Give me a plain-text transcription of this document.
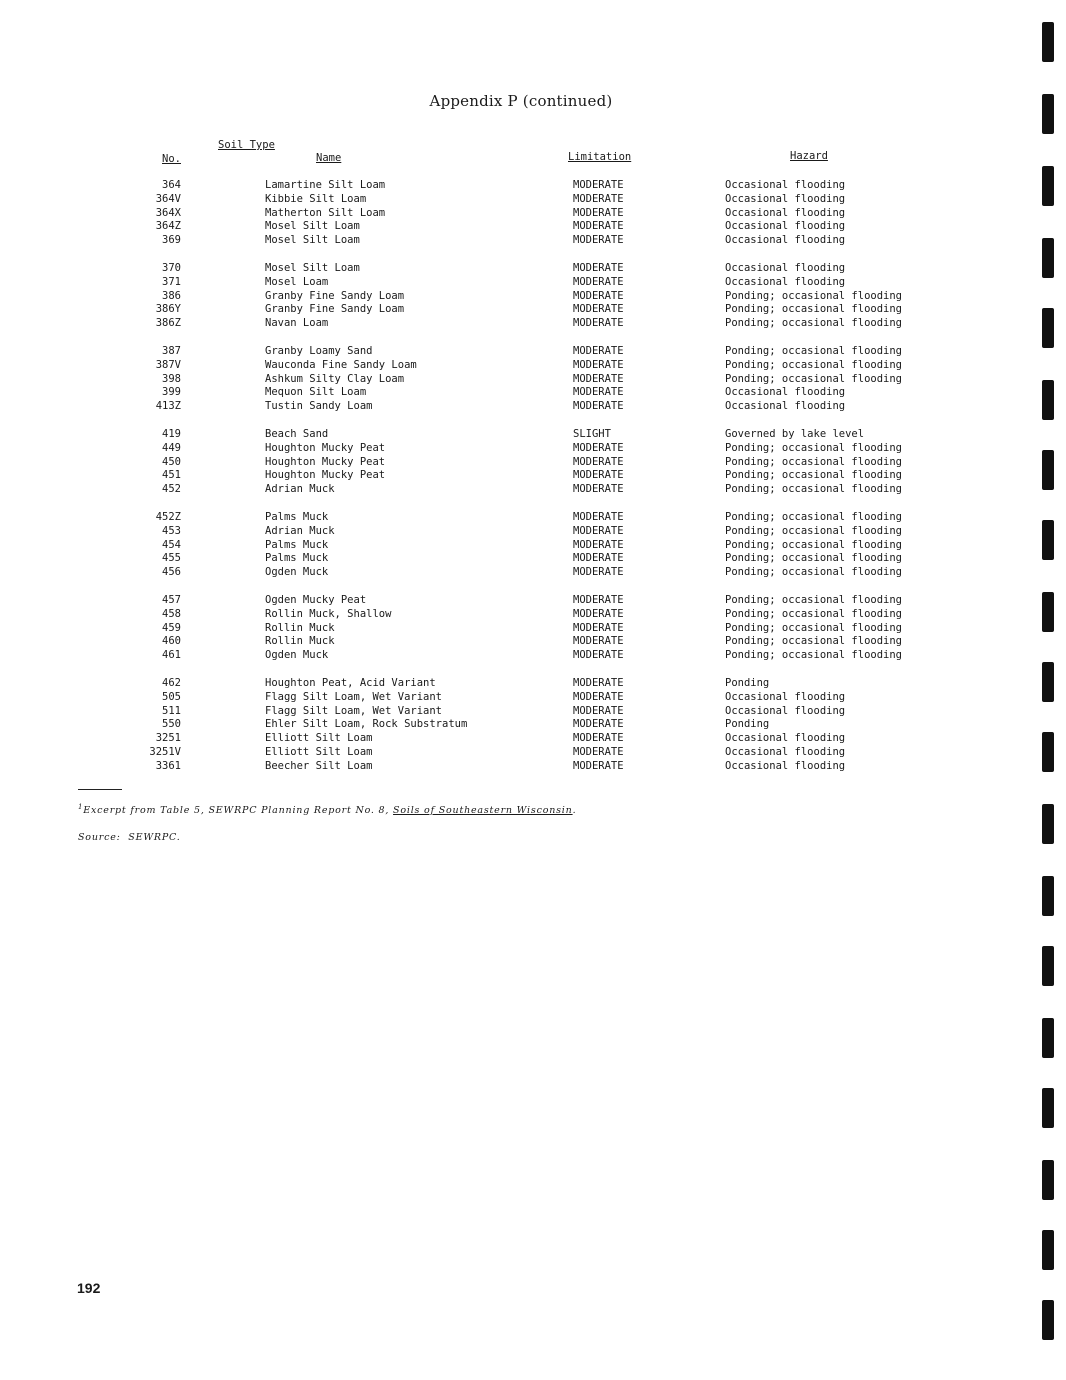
Appendix P (continued)
Soil Type
No.	Name	Limitation	Hazard
364	Lamartine Silt Loam	MODERATE	Occasional flooding
364V	Kibbie Silt Loam	MODERATE	Occasional flooding
364X	Matherton Silt Loam	MODERATE	Occasional flooding
364Z	Mosel Silt Loam	MODERATE	Occasional flooding
369	Mosel Silt Loam	MODERATE	Occasional flooding
370	Mosel Silt Loam	MODERATE	Occasional flooding
371	Mosel Loam	MODERATE	Occasional flooding
386	Granby Fine Sandy Loam	MODERATE	Ponding; occasional flooding
386Y	Granby Fine Sandy Loam	MODERATE	Ponding; occasional flooding
386Z	Navan Loam	MODERATE	Ponding; occasional flooding
387	Granby Loamy Sand	MODERATE	Ponding; occasional flooding
387V	Wauconda Fine Sandy Loam	MODERATE	Ponding; occasional flooding
398	Ashkum Silty Clay Loam	MODERATE	Ponding; occasional flooding
399	Mequon Silt Loam	MODERATE	Occasional flooding
413Z	Tustin Sandy Loam	MODERATE	Occasional flooding
419	Beach Sand	SLIGHT	Governed by lake level
449	Houghton Mucky Peat	MODERATE	Ponding; occasional flooding
450	Houghton Mucky Peat	MODERATE	Ponding; occasional flooding
451	Houghton Mucky Peat	MODERATE	Ponding; occasional flooding
452	Adrian Muck	MODERATE	Ponding; occasional flooding
452Z	Palms Muck	MODERATE	Ponding; occasional flooding
453	Adrian Muck	MODERATE	Ponding; occasional flooding
454	Palms Muck	MODERATE	Ponding; occasional flooding
455	Palms Muck	MODERATE	Ponding; occasional flooding
456	Ogden Muck	MODERATE	Ponding; occasional flooding
457	Ogden Mucky Peat	MODERATE	Ponding; occasional flooding
458	Rollin Muck, Shallow	MODERATE	Ponding; occasional flooding
459	Rollin Muck	MODERATE	Ponding; occasional flooding
460	Rollin Muck	MODERATE	Ponding; occasional flooding
461	Ogden Muck	MODERATE	Ponding; occasional flooding
462	Houghton Peat, Acid Variant	MODERATE	Ponding
505	Flagg Silt Loam, Wet Variant	MODERATE	Occasional flooding
511	Flagg Silt Loam, Wet Variant	MODERATE	Occasional flooding
550	Ehler Silt Loam, Rock Substratum	MODERATE	Ponding
3251	Elliott Silt Loam	MODERATE	Occasional flooding
3251V	Elliott Silt Loam	MODERATE	Occasional flooding
3361	Beecher Silt Loam	MODERATE	Occasional flooding
$^1$Excerpt from Table 5, SEWRPC Planning Report No. 8, Soils of Southeastern Wisconsin.
Source: SEWRPC.
192
